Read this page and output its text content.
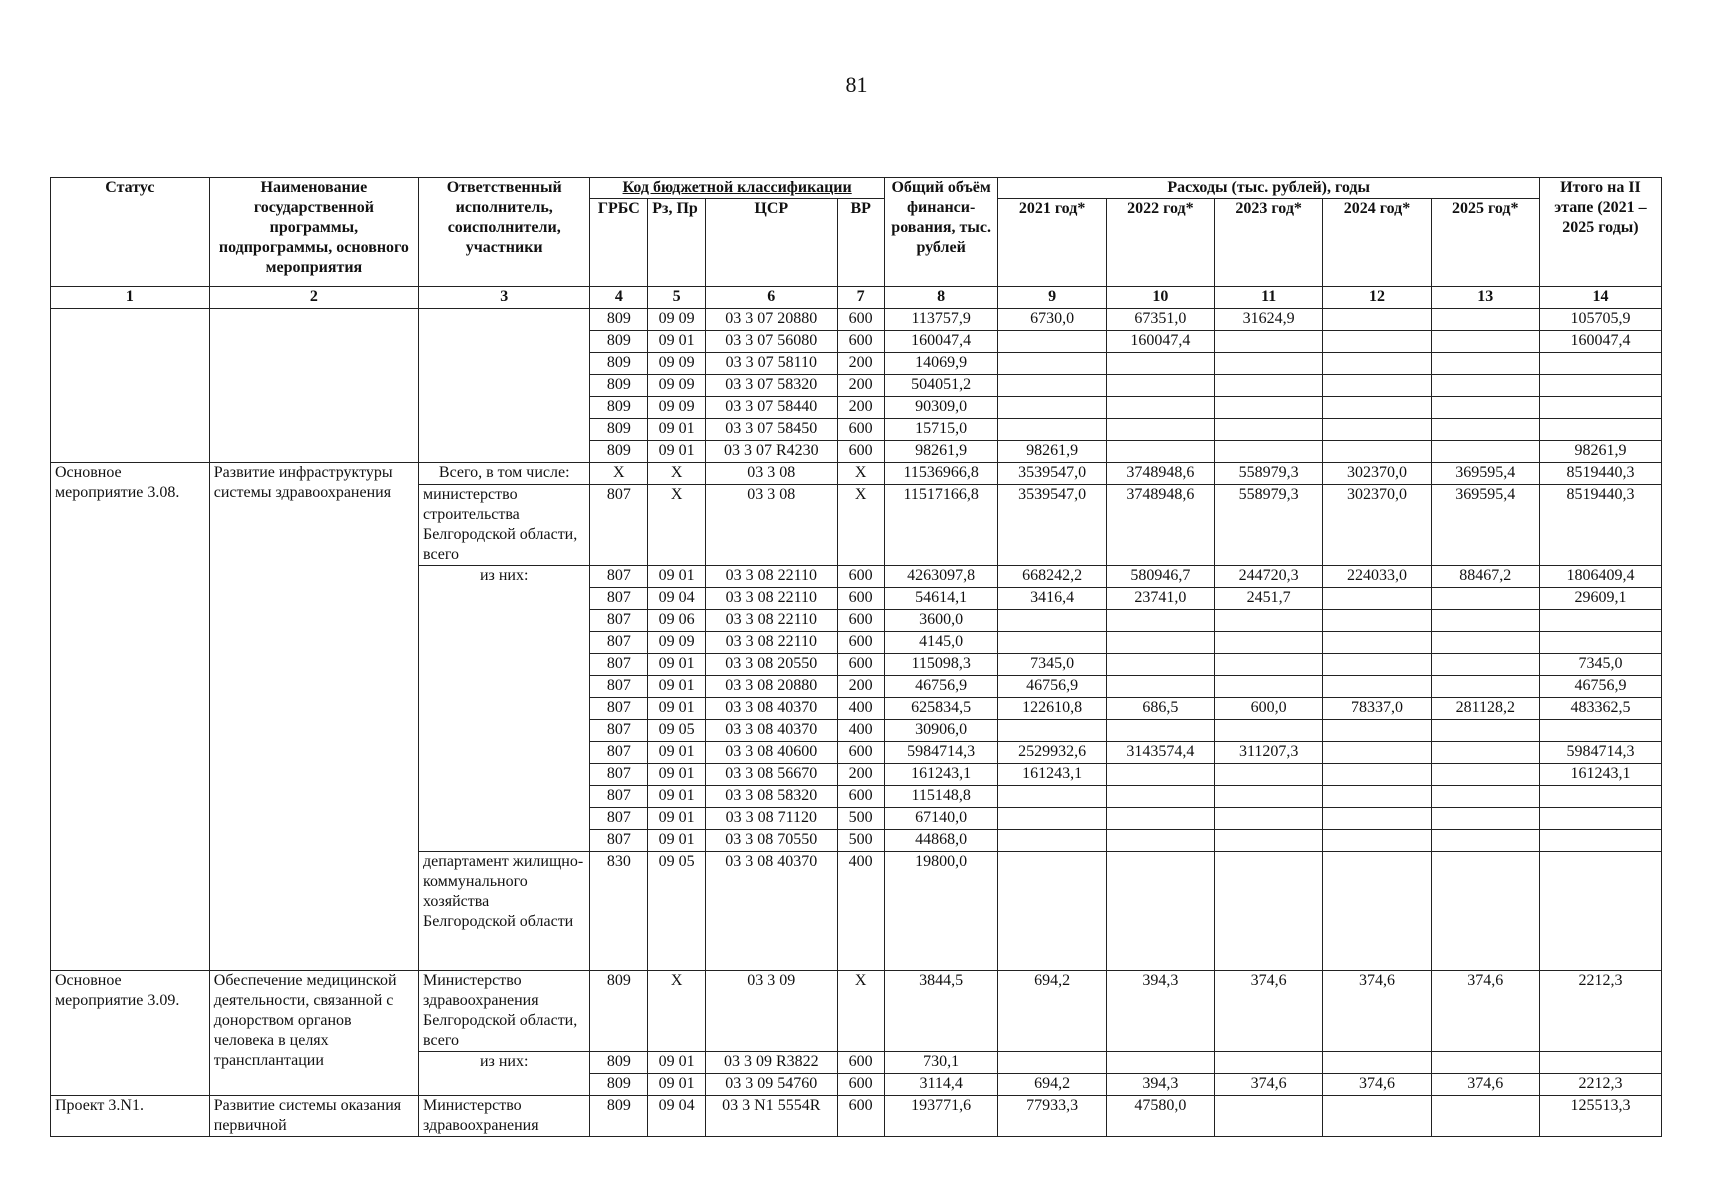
81
Статус	Наименование государственной программы, подпрограммы, основного мероприятия	Ответственный исполнитель, соисполнители, участники	Код бюджетной классификации				Общий объём финанси-рования, тыс. рублей	Расходы (тыс. рублей), годы					Итого на II этапе (2021 – 2025 годы)
			ГРБС	Рз, Пр	ЦСР	ВР		2021 год*	2022 год*	2023 год*	2024 год*	2025 год*	
1	2	3	4	5	6	7	8	9	10	11	12	13	14
			809	09 09	03 3 07 20880	600	113757,9	6730,0	67351,0	31624,9			105705,9
			809	09 01	03 3 07 56080	600	160047,4		160047,4				160047,4
			809	09 09	03 3 07 58110	200	14069,9						
			809	09 09	03 3 07 58320	200	504051,2						
			809	09 09	03 3 07 58440	200	90309,0						
			809	09 01	03 3 07 58450	600	15715,0						
			809	09 01	03 3 07 R4230	600	98261,9	98261,9					98261,9
Основное мероприятие 3.08.	Развитие инфраструктуры системы здравоохранения	Всего, в том числе:	Х	Х	03 3 08	Х	11536966,8	3539547,0	3748948,6	558979,3	302370,0	369595,4	8519440,3
		министерство строительства Белгородской области, всего	807	Х	03 3 08	Х	11517166,8	3539547,0	3748948,6	558979,3	302370,0	369595,4	8519440,3
		из них:	807	09 01	03 3 08 22110	600	4263097,8	668242,2	580946,7	244720,3	224033,0	88467,2	1806409,4
			807	09 04	03 3 08 22110	600	54614,1	3416,4	23741,0	2451,7			29609,1
			807	09 06	03 3 08 22110	600	3600,0						
			807	09 09	03 3 08 22110	600	4145,0						
			807	09 01	03 3 08 20550	600	115098,3	7345,0					7345,0
			807	09 01	03 3 08 20880	200	46756,9	46756,9					46756,9
			807	09 01	03 3 08 40370	400	625834,5	122610,8	686,5	600,0	78337,0	281128,2	483362,5
			807	09 05	03 3 08 40370	400	30906,0						
			807	09 01	03 3 08 40600	600	5984714,3	2529932,6	3143574,4	311207,3			5984714,3
			807	09 01	03 3 08 56670	200	161243,1	161243,1					161243,1
			807	09 01	03 3 08 58320	600	115148,8						
			807	09 01	03 3 08 71120	500	67140,0						
			807	09 01	03 3 08 70550	500	44868,0						
		департамент жилищно-коммунального хозяйства Белгородской области	830	09 05	03 3 08 40370	400	19800,0						
Основное мероприятие 3.09.	Обеспечение медицинской деятельности, связанной с донорством органов человека в целях трансплантации	Министерство здравоохранения Белгородской области, всего	809	Х	03 3 09	Х	3844,5	694,2	394,3	374,6	374,6	374,6	2212,3
		из них:	809	09 01	03 3 09 R3822	600	730,1						
			809	09 01	03 3 09 54760	600	3114,4	694,2	394,3	374,6	374,6	374,6	2212,3
Проект 3.N1.	Развитие системы оказания первичной	Министерство здравоохранения	809	09 04	03 3 N1 5554R	600	193771,6	77933,3	47580,0				125513,3
